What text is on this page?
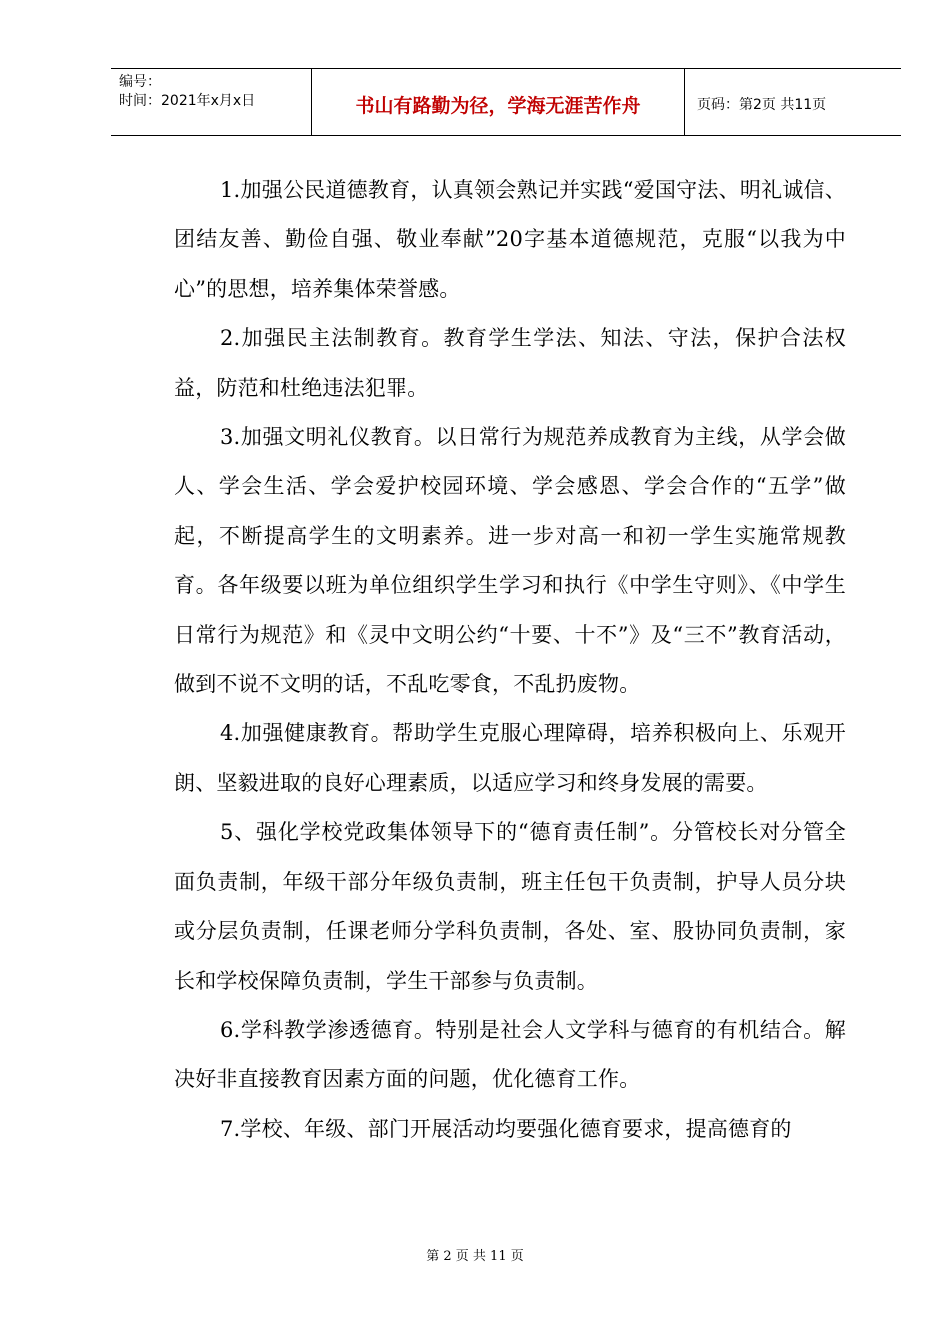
编号：
时间：2021年x月x日	书山有路勤为径，学海无涯苦作舟	页码：第2页 共11页

1.加强公民道德教育，认真领会熟记并实践“爱国守法、明礼诚信、团结友善、勤俭自强、敬业奉献”20字基本道德规范，克服“以我为中心”的思想，培养集体荣誉感。

2.加强民主法制教育。教育学生学法、知法、守法，保护合法权益，防范和杜绝违法犯罪。

3.加强文明礼仪教育。以日常行为规范养成教育为主线，从学会做人、学会生活、学会爱护校园环境、学会感恩、学会合作的“五学”做起，不断提高学生的文明素养。进一步对高一和初一学生实施常规教育。各年级要以班为单位组织学生学习和执行《中学生守则》、《中学生日常行为规范》和《灵中文明公约“十要、十不”》及“三不”教育活动，做到不说不文明的话，不乱吃零食，不乱扔废物。

4.加强健康教育。帮助学生克服心理障碍，培养积极向上、乐观开朗、坚毅进取的良好心理素质，以适应学习和终身发展的需要。

5、强化学校党政集体领导下的“德育责任制”。分管校长对分管全面负责制，年级干部分年级负责制，班主任包干负责制，护导人员分块或分层负责制，任课老师分学科负责制，各处、室、股协同负责制，家长和学校保障负责制，学生干部参与负责制。

6.学科教学渗透德育。特别是社会人文学科与德育的有机结合。解决好非直接教育因素方面的问题，优化德育工作。

7.学校、年级、部门开展活动均要强化德育要求，提高德育的

第 2 页 共 11 页
